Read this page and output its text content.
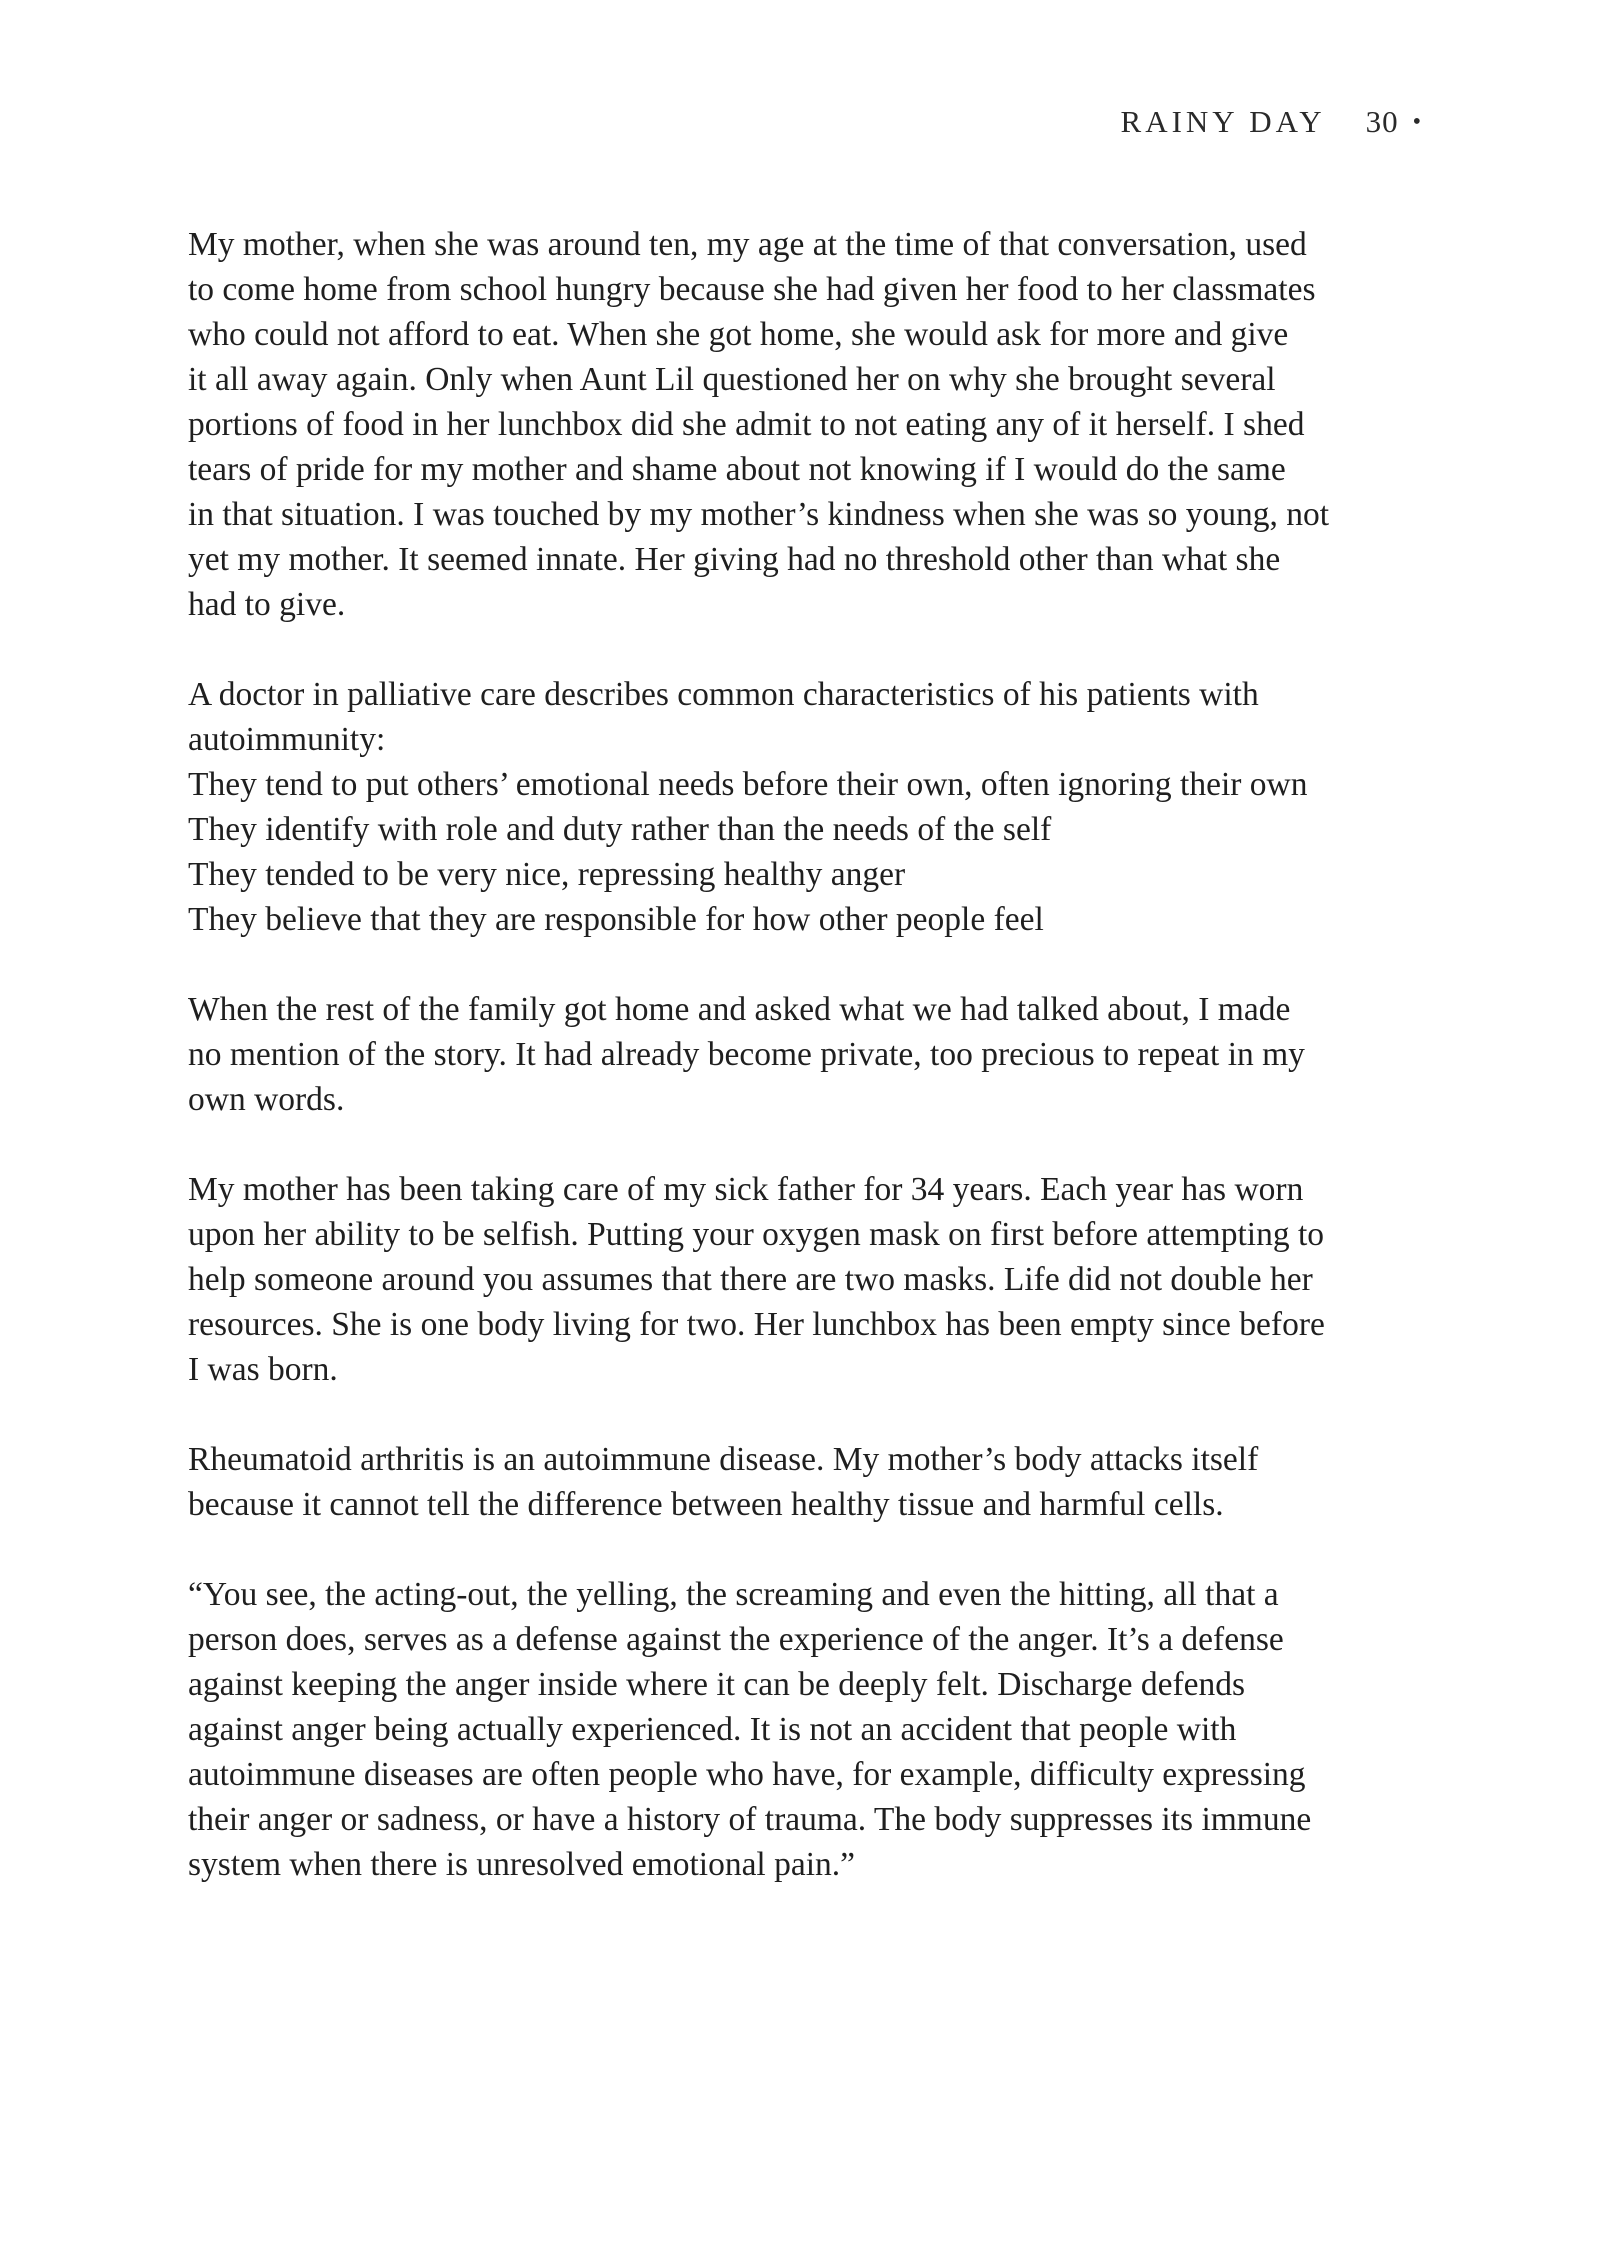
RAINY DAY 30 •

My mother, when she was around ten, my age at the time of that conversation, used
to come home from school hungry because she had given her food to her classmates
who could not afford to eat. When she got home, she would ask for more and give
it all away again. Only when Aunt Lil questioned her on why she brought several
portions of food in her lunchbox did she admit to not eating any of it herself. I shed
tears of pride for my mother and shame about not knowing if I would do the same
in that situation. I was touched by my mother’s kindness when she was so young, not
yet my mother. It seemed innate. Her giving had no threshold other than what she
had to give.

A doctor in palliative care describes common characteristics of his patients with
autoimmunity:

They tend to put others’ emotional needs before their own, often ignoring their own
They identify with role and duty rather than the needs of the self
They tended to be very nice, repressing healthy anger
They believe that they are responsible for how other people feel

When the rest of the family got home and asked what we had talked about, I made
no mention of the story. It had already become private, too precious to repeat in my
own words.

My mother has been taking care of my sick father for 34 years. Each year has worn
upon her ability to be selfish. Putting your oxygen mask on first before attempting to
help someone around you assumes that there are two masks. Life did not double her
resources. She is one body living for two. Her lunchbox has been empty since before
I was born.

Rheumatoid arthritis is an autoimmune disease. My mother’s body attacks itself
because it cannot tell the difference between healthy tissue and harmful cells.

“You see, the acting-out, the yelling, the screaming and even the hitting, all that a
person does, serves as a defense against the experience of the anger. It’s a defense
against keeping the anger inside where it can be deeply felt. Discharge defends
against anger being actually experienced. It is not an accident that people with
autoimmune diseases are often people who have, for example, difficulty expressing
their anger or sadness, or have a history of trauma. The body suppresses its immune
system when there is unresolved emotional pain.”
